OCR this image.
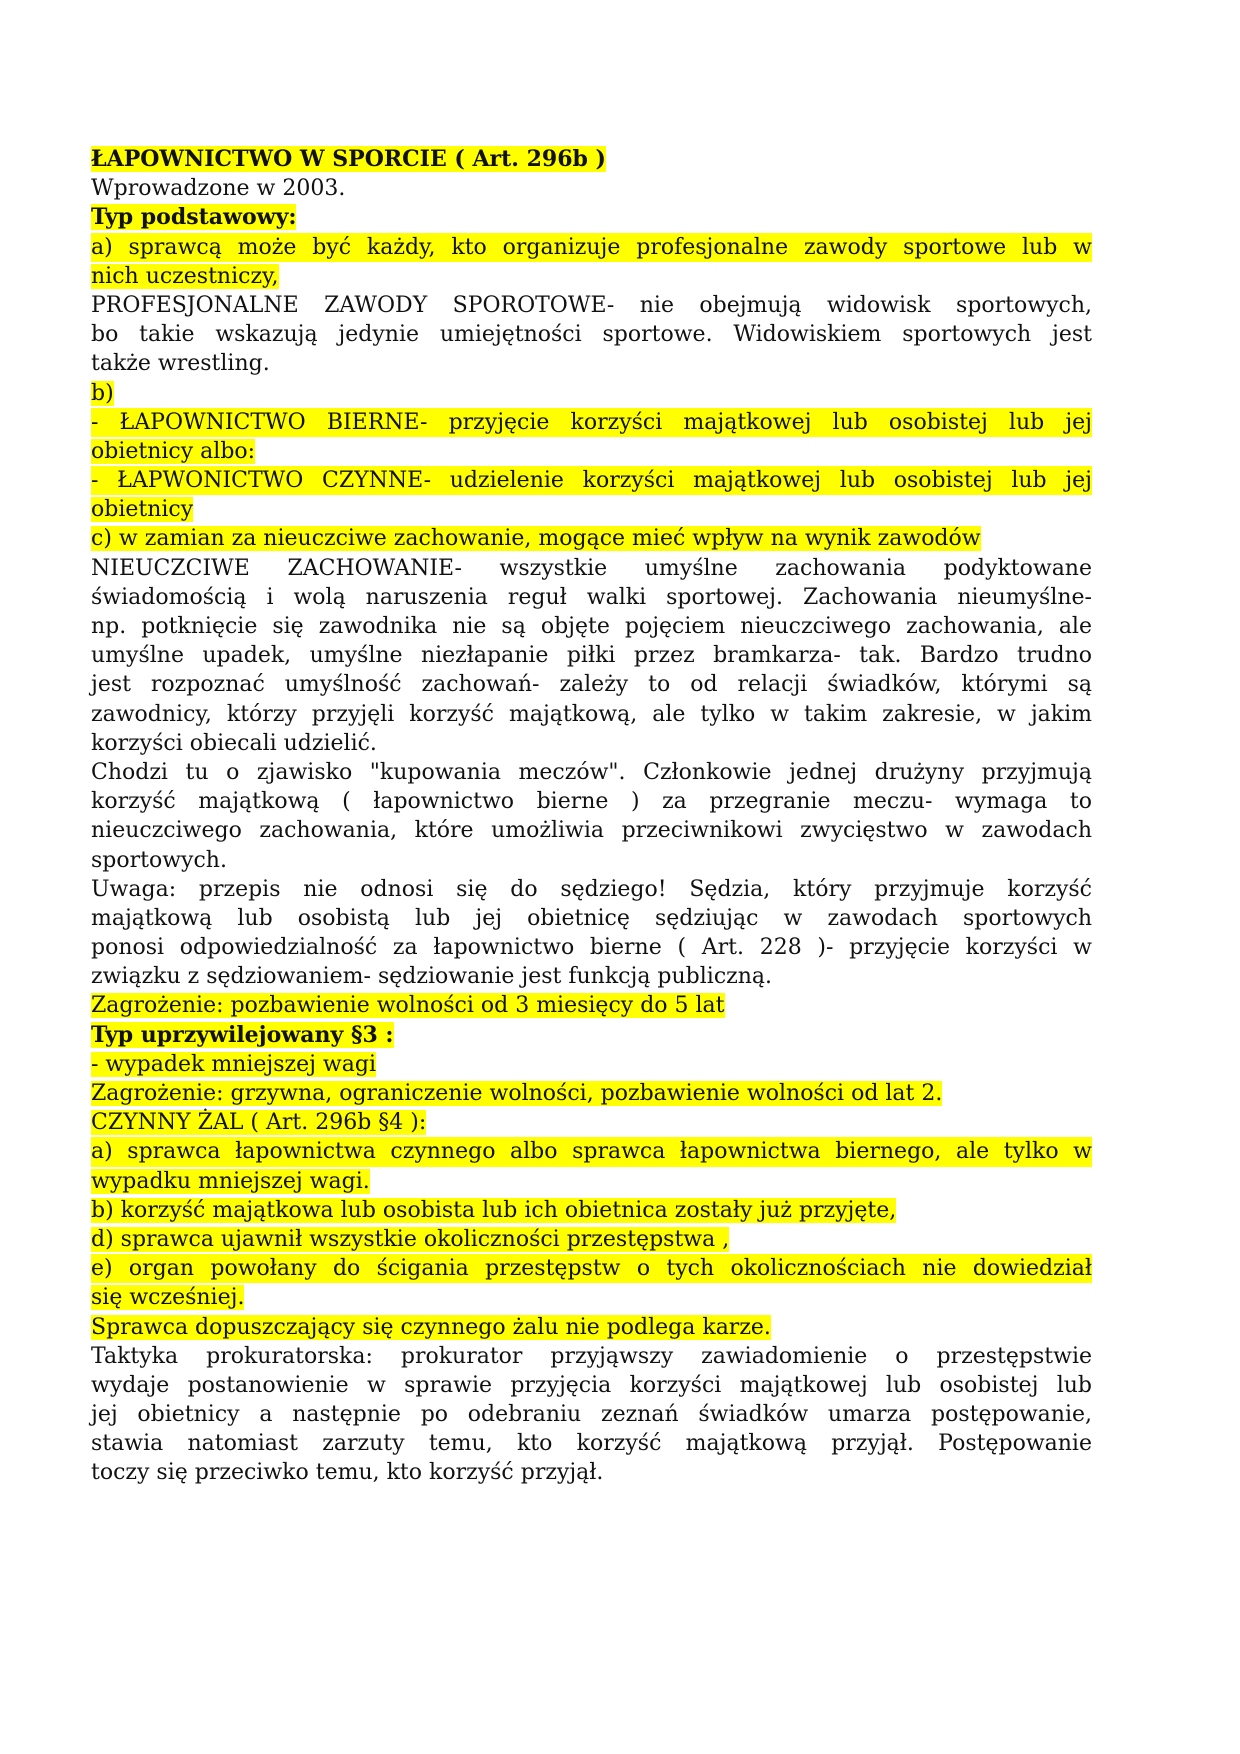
ŁAPOWNICTWO W SPORCIE ( Art. 296b )
Wprowadzone w 2003.
Typ podstawowy:
a) sprawcą może być każdy, kto organizuje profesjonalne zawody sportowe lub w
nich uczestniczy,
PROFESJONALNE ZAWODY SPOROTOWE- nie obejmują widowisk sportowych,
bo takie wskazują jedynie umiejętności sportowe. Widowiskiem sportowych jest
także wrestling.
b)
- ŁAPOWNICTWO BIERNE- przyjęcie korzyści majątkowej lub osobistej lub jej
obietnicy albo:
- ŁAPWONICTWO CZYNNE- udzielenie korzyści majątkowej lub osobistej lub jej
obietnicy
c) w zamian za nieuczciwe zachowanie, mogące mieć wpływ na wynik zawodów
NIEUCZCIWE ZACHOWANIE- wszystkie umyślne zachowania podyktowane
świadomością i wolą naruszenia reguł walki sportowej. Zachowania nieumyślne-
np. potknięcie się zawodnika nie są objęte pojęciem nieuczciwego zachowania, ale
umyślne upadek, umyślne niezłapanie piłki przez bramkarza- tak. Bardzo trudno
jest rozpoznać umyślność zachowań- zależy to od relacji świadków, którymi są
zawodnicy, którzy przyjęli korzyść majątkową, ale tylko w takim zakresie, w jakim
korzyści obiecali udzielić.
Chodzi tu o zjawisko "kupowania meczów". Członkowie jednej drużyny przyjmują
korzyść majątkową ( łapownictwo bierne ) za przegranie meczu- wymaga to
nieuczciwego zachowania, które umożliwia przeciwnikowi zwycięstwo w zawodach
sportowych.
Uwaga: przepis nie odnosi się do sędziego! Sędzia, który przyjmuje korzyść
majątkową lub osobistą lub jej obietnicę sędziując w zawodach sportowych
ponosi odpowiedzialność za łapownictwo bierne ( Art. 228 )- przyjęcie korzyści w
związku z sędziowaniem- sędziowanie jest funkcją publiczną.
Zagrożenie: pozbawienie wolności od 3 miesięcy do 5 lat
Typ uprzywilejowany §3 :
- wypadek mniejszej wagi
Zagrożenie: grzywna, ograniczenie wolności, pozbawienie wolności od lat 2.
CZYNNY ŻAL ( Art. 296b §4 ):
a) sprawca łapownictwa czynnego albo sprawca łapownictwa biernego, ale tylko w
wypadku mniejszej wagi.
b) korzyść majątkowa lub osobista lub ich obietnica zostały już przyjęte,
d) sprawca ujawnił wszystkie okoliczności przestępstwa ,
e) organ powołany do ścigania przestępstw o tych okolicznościach nie dowiedział
się wcześniej.
Sprawca dopuszczający się czynnego żalu nie podlega karze.
Taktyka prokuratorska: prokurator przyjąwszy zawiadomienie o przestępstwie
wydaje postanowienie w sprawie przyjęcia korzyści majątkowej lub osobistej lub
jej obietnicy a następnie po odebraniu zeznań świadków umarza postępowanie,
stawia natomiast zarzuty temu, kto korzyść majątkową przyjął. Postępowanie
toczy się przeciwko temu, kto korzyść przyjął.
